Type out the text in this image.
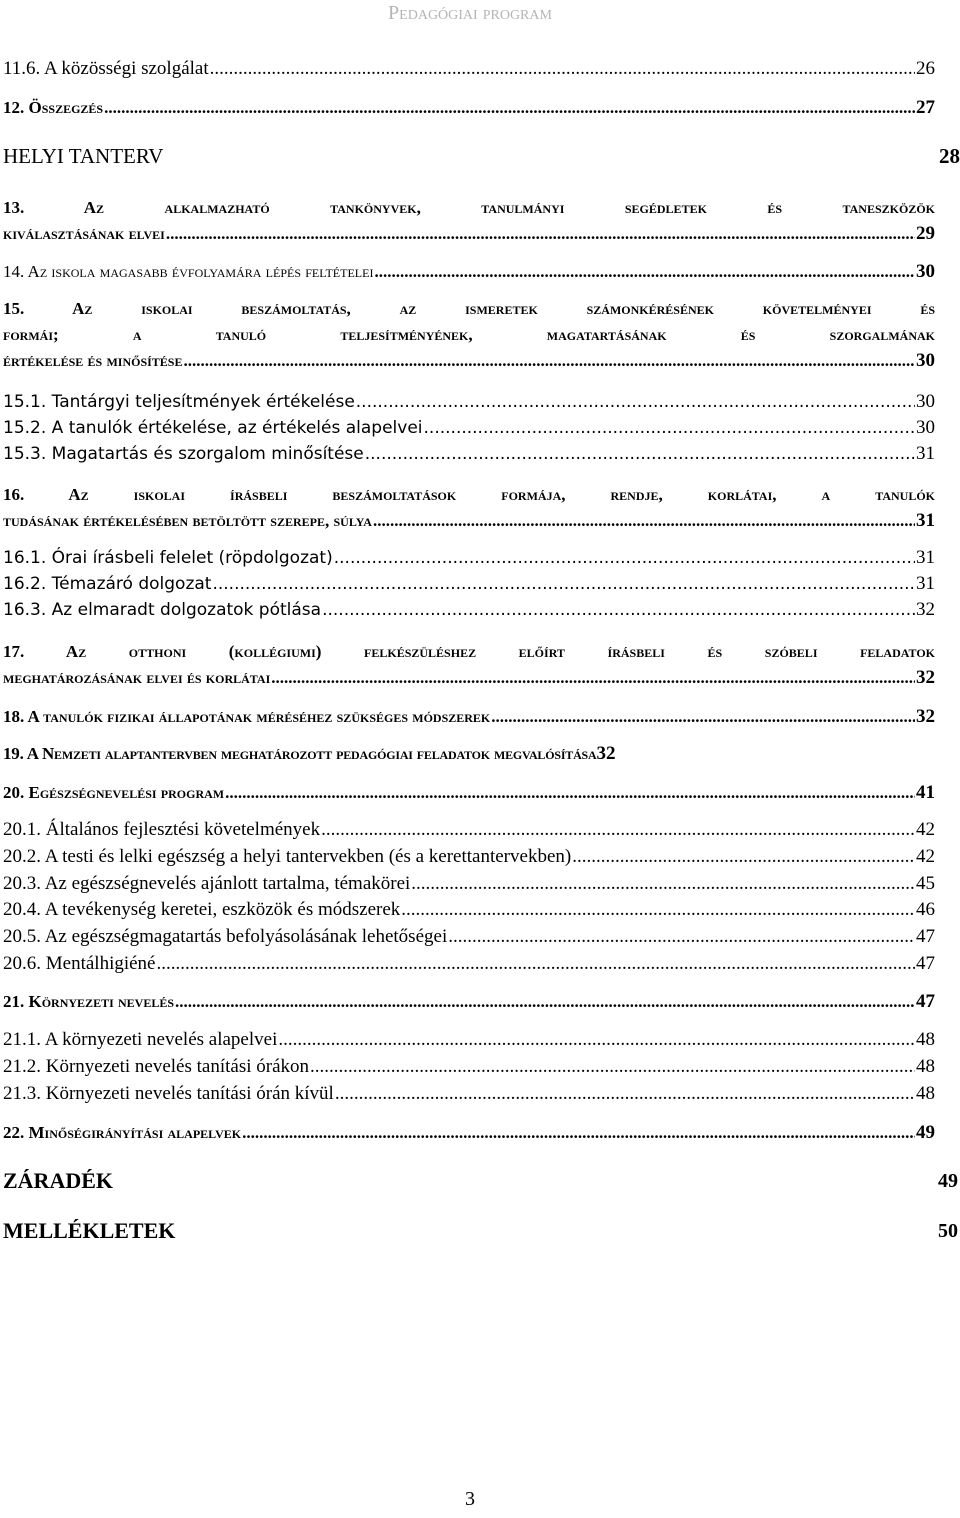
Pedagógiai program
11.6. A közösségi szolgálat .....	26
12. Összegzés .....	27
HELYI TANTERV	28
13. Az alkalmazható tankönyvek, tanulmányi segédletek és taneszközök
kiválasztásának elvei .....	29
14. Az iskola magasabb évfolyamára lépés feltételei .....	30
15. Az iskolai beszámoltatás, az ismeretek számonkérésének követelményei és
formái; a tanuló teljesítményének, magatartásának és szorgalmának
értékelése és minősítése .....	30
15.1. Tantárgyi teljesítmények értékelése .....	30
15.2. A tanulók értékelése, az értékelés alapelvei .....	30
15.3. Magatartás és szorgalom minősítése .....	31
16. Az iskolai írásbeli beszámoltatások formája, rendje, korlátai, a tanulók
tudásának értékelésében betöltött szerepe, súlya .....	31
16.1. Órai írásbeli felelet (röpdolgozat) .....	31
16.2. Témazáró dolgozat .....	31
16.3. Az elmaradt dolgozatok pótlása .....	32
17. Az otthoni (kollégiumi) felkészüléshez előírt írásbeli és szóbeli feladatok
meghatározásának elvei és korlátai .....	32
18. A tanulók fizikai állapotának méréséhez szükséges módszerek .....	32
19. A Nemzeti alaptantervben meghatározott pedagógiai feladatok megvalósítása 32
20. Egészségnevelési program .....	41
20.1. Általános fejlesztési követelmények .....	42
20.2. A testi és lelki egészség a helyi tantervekben (és a kerettantervekben) .....	42
20.3. Az egészségnevelés ajánlott tartalma, témakörei .....	45
20.4. A tevékenység keretei, eszközök és módszerek .....	46
20.5. Az egészségmagatartás befolyásolásának lehetőségei .....	47
20.6. Mentálhigiéné .....	47
21. Környezeti nevelés .....	47
21.1. A környezeti nevelés alapelvei .....	48
21.2. Környezeti nevelés tanítási órákon .....	48
21.3. Környezeti nevelés tanítási órán kívül .....	48
22. Minőségirányítási alapelvek .....	49
ZÁRADÉK	49
MELLÉKLETEK	50
3
